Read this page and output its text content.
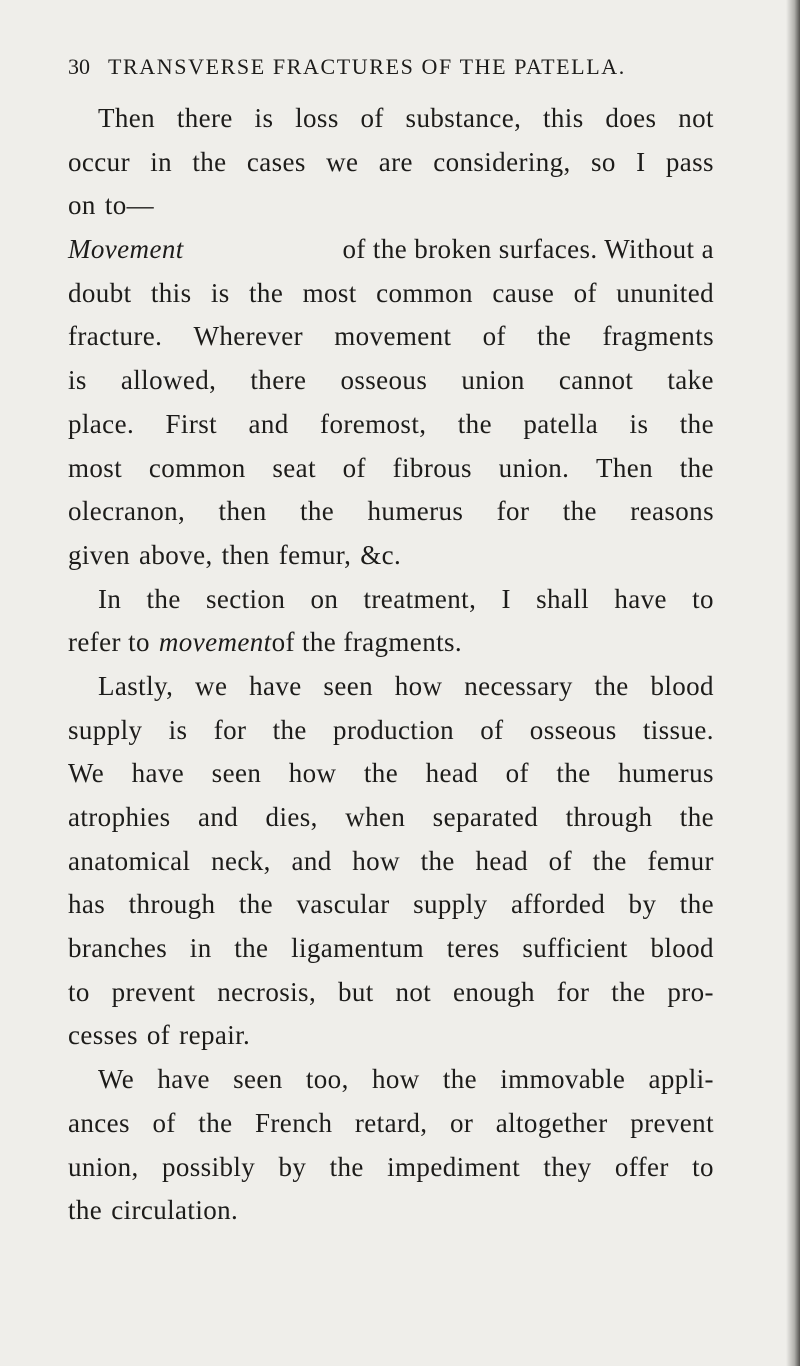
30 TRANSVERSE FRACTURES OF THE PATELLA.
Then there is loss of substance, this does not
occur in the cases we are considering, so I pass
on to—
Movement	of the broken surfaces. Without a
doubt this is the most common cause of ununited
fracture. Wherever movement of the fragments
is allowed, there osseous union cannot take
place. First and foremost, the patella is the
most common seat of fibrous union. Then the
olecranon, then the humerus for the reasons
given above, then femur, &c.
In the section on treatment, I shall have to
refer to movement of the fragments.
Lastly, we have seen how necessary the blood
supply is for the production of osseous tissue.
We have seen how the head of the humerus
atrophies and dies, when separated through the
anatomical neck, and how the head of the femur
has through the vascular supply afforded by the
branches in the ligamentum teres sufficient blood
to prevent necrosis, but not enough for the pro-
cesses of repair.
We have seen too, how the immovable appli-
ances of the French retard, or altogether prevent
union, possibly by the impediment they offer to
the circulation.
